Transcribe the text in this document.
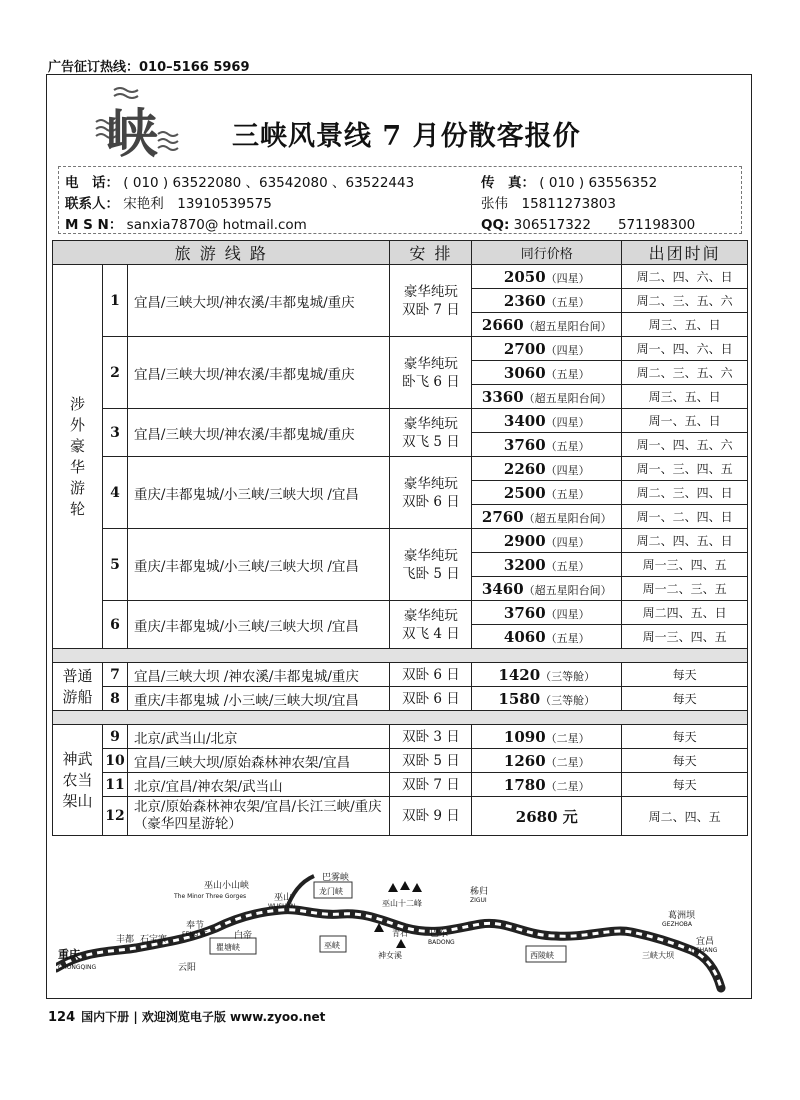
广告征订热线：010–5166 5969
峡	三峡风景线 7 月份散客报价
电　话： ( 010 ) 63522080 、63542080 、63522443	传　真： ( 010 ) 63556352
联系人： 宋艳利　13910539575	张伟　15811273803
M S N： sanxia7870@ hotmail.com	QQ: 306517322　　571198300
旅 游 线 路			安 排	同行价格	出团时间
涉外豪华游轮	1	宜昌/三峡大坝/神农溪/丰都鬼城/重庆	豪华纯玩 双卧 7 日	2050（四星）	周二、四、六、日
				2360（五星）	周二、三、五、六
				2660（超五星阳台间）	周三、五、日
	2	宜昌/三峡大坝/神农溪/丰都鬼城/重庆	豪华纯玩 卧飞 6 日	2700（四星）	周一、四、六、日
				3060（五星）	周二、三、五、六
				3360（超五星阳台间）	周三、五、日
	3	宜昌/三峡大坝/神农溪/丰都鬼城/重庆	豪华纯玩 双飞 5 日	3400（四星）	周一、五、日
				3760（五星）	周一、四、五、六
	4	重庆/丰都鬼城/小三峡/三峡大坝 /宜昌	豪华纯玩 双卧 6 日	2260（四星）	周一、三、四、五
				2500（五星）	周二、三、四、日
				2760（超五星阳台间）	周一、二、四、日
	5	重庆/丰都鬼城/小三峡/三峡大坝 /宜昌	豪华纯玩 飞卧 5 日	2900（四星）	周二、四、五、日
				3200（五星）	周一三、四、五
				3460（超五星阳台间）	周一二、三、五
	6	重庆/丰都鬼城/小三峡/三峡大坝 /宜昌	豪华纯玩 双飞 4 日	3760（四星）	周二四、五、日
				4060（五星）	周一三、四、五

普通游船	7	宜昌/三峡大坝 /神农溪/丰都鬼城/重庆	双卧 6 日	1420（三等舱）	每天
	8	重庆/丰都鬼城 /小三峡/三峡大坝/宜昌	双卧 6 日	1580（三等舱）	每天

神武农当架山	9	北京/武当山/北京	双卧 3 日	1090（二星）	每天
	10	宜昌/三峡大坝/原始森林神农架/宜昌	双卧 5 日	1260（二星）	每天
	11	北京/宜昌/神农架/武当山	双卧 7 日	1780（二星）	每天
	12	北京/原始森林神农架/宜昌/长江三峡/重庆（豪华四星游轮）	双卧 9 日	2680 元	周二、四、五
重庆
CHONGQING
丰都 石宝寨
奉节
FENG JIE
云阳
白帝
瞿塘峡
巫山
WUSHAN
巫山小山峡
The Minor Three Gorges
巴雾峡
龙门峡
巫峡
巫山十二峰
青石
神女溪
巴东
BADONG
秭归
ZIGUI
西陵峡
葛洲坝
GEZHOBA
三峡大坝
宜昌
YICHANG
124 国内下册 | 欢迎浏览电子版 www.zyoo.net
